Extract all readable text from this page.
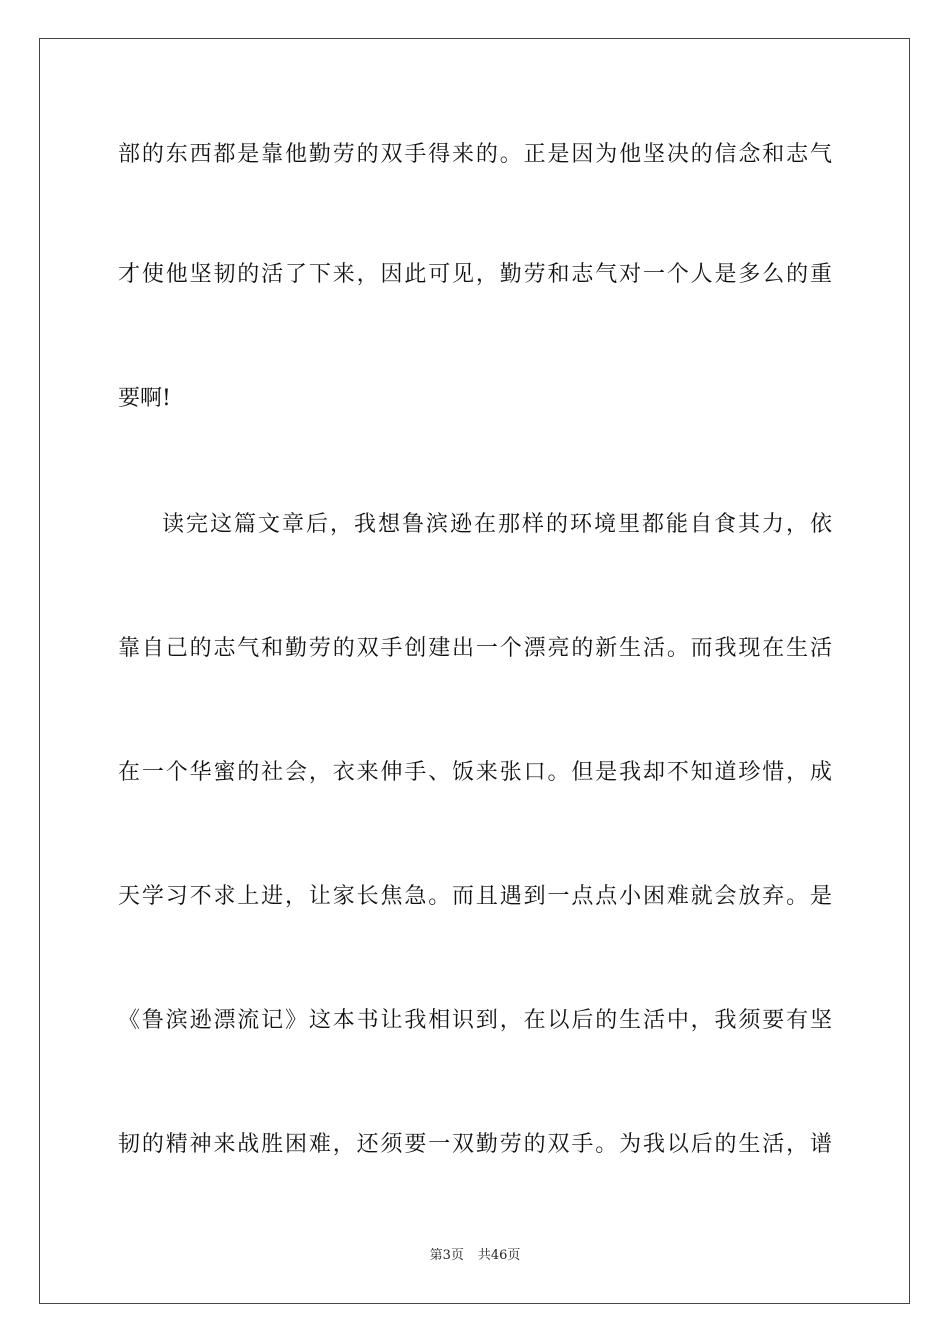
部的东西都是靠他勤劳的双手得来的。正是因为他坚决的信念和志气
才使他坚韧的活了下来，因此可见，勤劳和志气对一个人是多么的重
要啊!
读完这篇文章后，我想鲁滨逊在那样的环境里都能自食其力，依
靠自己的志气和勤劳的双手创建出一个漂亮的新生活。而我现在生活
在一个华蜜的社会，衣来伸手、饭来张口。但是我却不知道珍惜，成
天学习不求上进，让家长焦急。而且遇到一点点小困难就会放弃。是
《鲁滨逊漂流记》这本书让我相识到，在以后的生活中，我须要有坚
韧的精神来战胜困难，还须要一双勤劳的双手。为我以后的生活，谱
第3页 共46页
